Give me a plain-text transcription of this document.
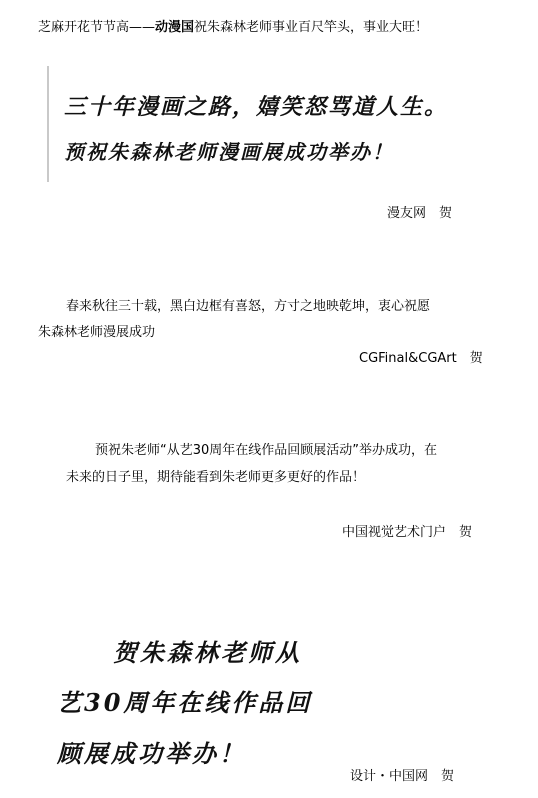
芝麻开花节节高——动漫国祝朱森林老师事业百尺竿头，事业大旺！
三十年漫画之路，嬉笑怒骂道人生。
预祝朱森林老师漫画展成功举办！
漫友网　贺
春来秋往三十载，黑白边框有喜怒，方寸之地映乾坤，衷心祝愿
朱森林老师漫展成功
CGFinal&CGArt　贺
预祝朱老师“从艺30周年在线作品回顾展活动”举办成功，在
未来的日子里，期待能看到朱老师更多更好的作品！
中国视觉艺术门户　贺
贺朱森林老师从
艺30周年在线作品回
顾展成功举办！
设计・中国网　贺
